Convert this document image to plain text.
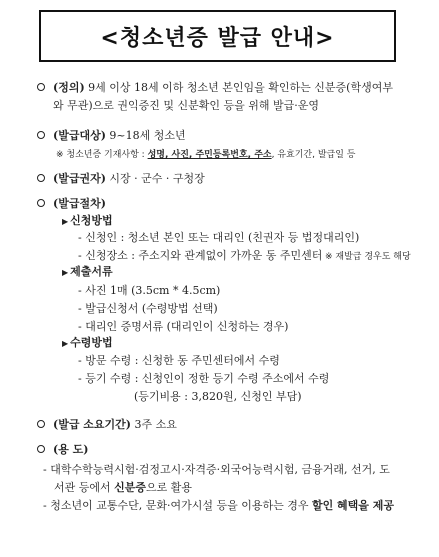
<청소년증 발급 안내>
(정의) 9세 이상 18세 이하 청소년 본인임을 확인하는 신분증(학생여부
와 무관)으로 권익증진 및 신분확인 등을 위해 발급·운영
(발급대상) 9~18세 청소년
※ 청소년증 기재사항 : 성명, 사진, 주민등록번호, 주소, 유효기간, 발급일 등
(발급권자) 시장 · 군수 · 구청장
(발급절차)
▶ 신청방법
- 신청인 : 청소년 본인 또는 대리인 (친권자 등 법정대리인)
- 신청장소 : 주소지와 관계없이 가까운 동 주민센터 ※ 재발급 경우도 해당
▶ 제출서류
- 사진 1매 (3.5cm * 4.5cm)
- 발급신청서 (수령방법 선택)
- 대리인 증명서류 (대리인이 신청하는 경우)
▶ 수령방법
- 방문 수령 : 신청한 동 주민센터에서 수령
- 등기 수령 : 신청인이 정한 등기 수령 주소에서 수령
(등기비용 : 3,820원, 신청인 부담)
(발급 소요기간) 3주 소요
(용 도)
- 대학수학능력시험·검정고시·자격증·외국어능력시험, 금융거래, 선거, 도
서관 등에서 신분증으로 활용
- 청소년이 교통수단, 문화·여가시설 등을 이용하는 경우 할인 혜택을 제공
